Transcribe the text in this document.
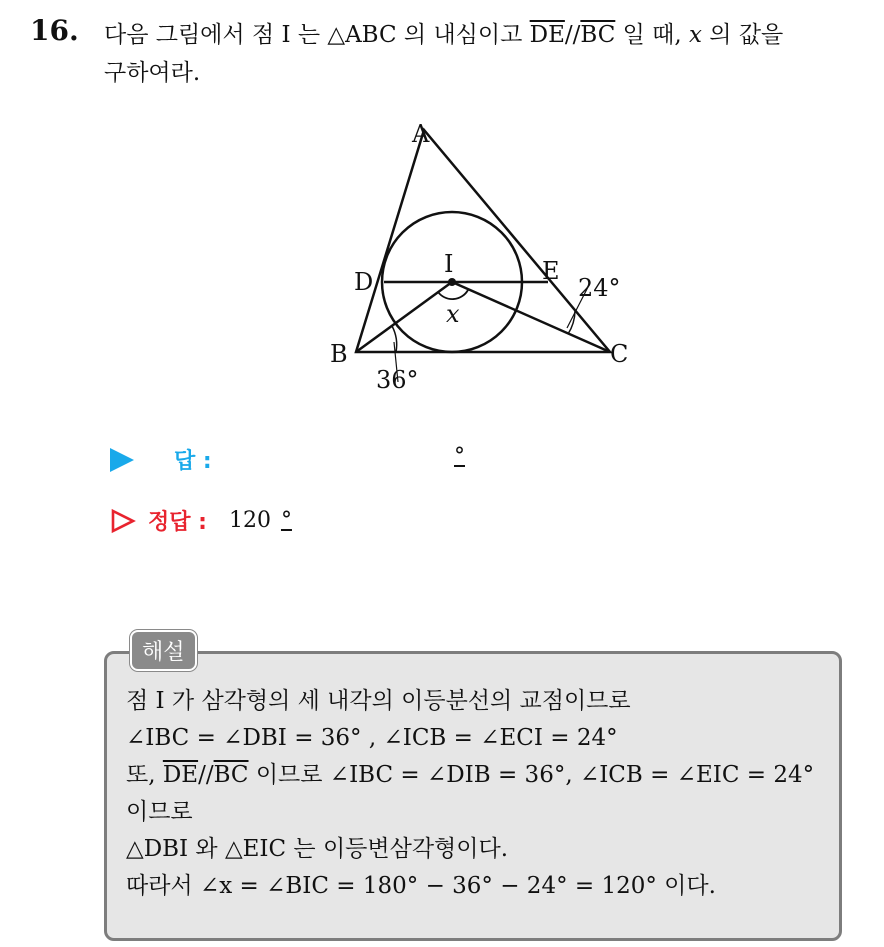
16. 다음 그림에서 점 I 는 △ABC 의 내심이고 $\overline{DE}//\overline{BC}$ 일 때, x 의 값을
구하여라.
A
B	C
D	E
I
x
36°
24°
답 :	°
정답 : 120 °
해설
점 I 가 삼각형의 세 내각의 이등분선의 교점이므로
∠IBC = ∠DBI = 36° , ∠ICB = ∠ECI = 24°
또, $\overline{DE}//\overline{BC}$ 이므로 ∠IBC = ∠DIB = 36°, ∠ICB = ∠EIC = 24°
이므로
△DBI 와 △EIC 는 이등변삼각형이다.
따라서 ∠x = ∠BIC = 180° − 36° − 24° = 120° 이다.
